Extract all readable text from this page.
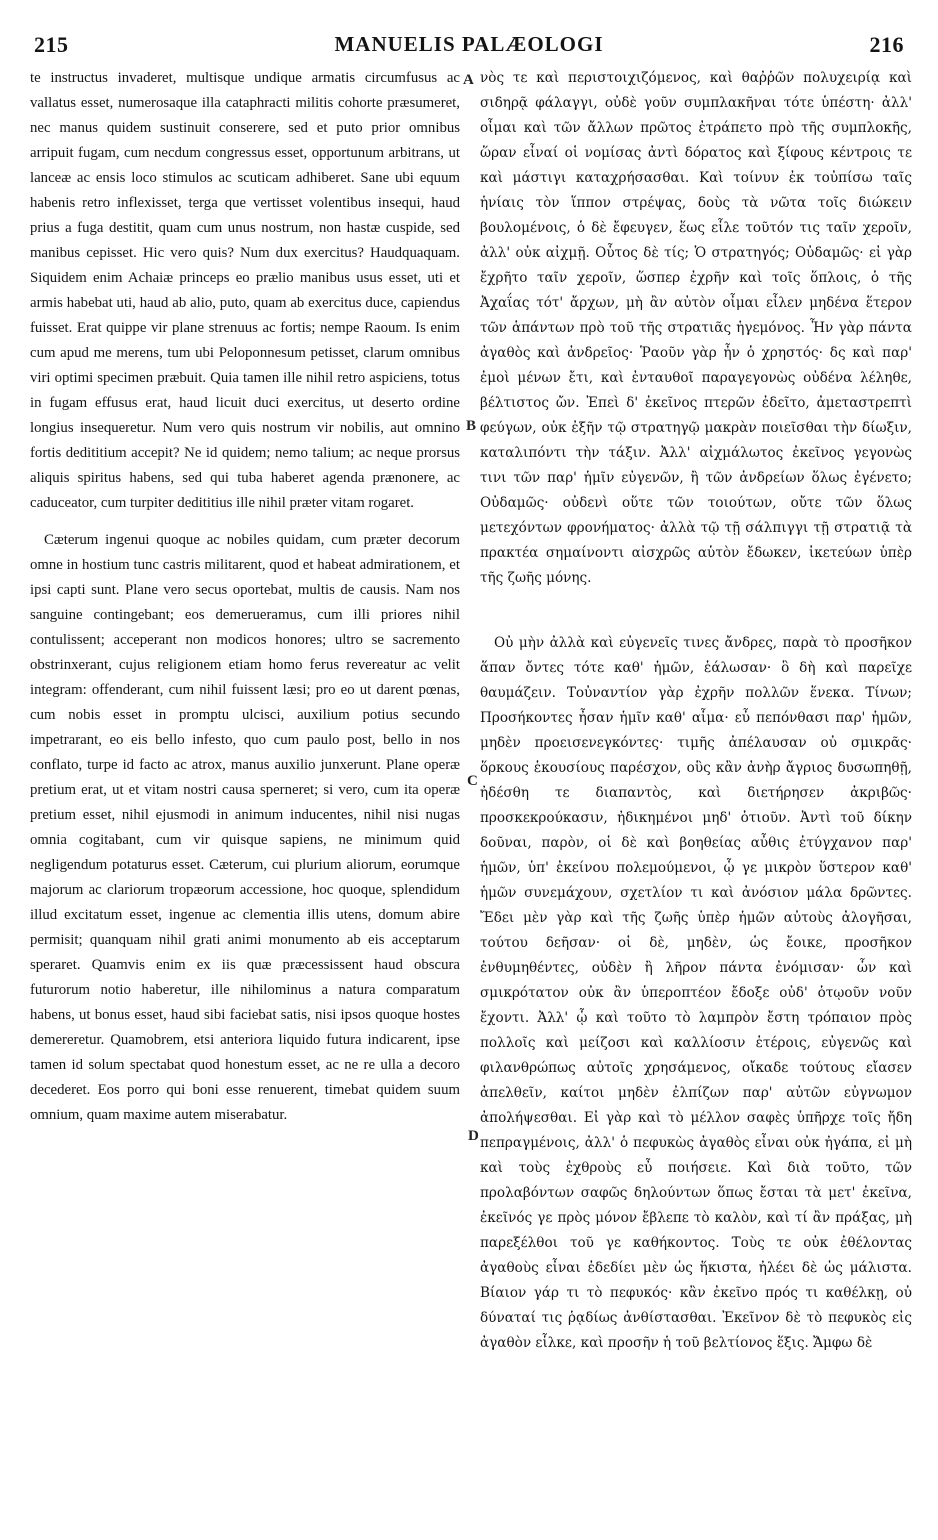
215	MANUELIS PALÆOLOGI	216

te instructus invaderet, multisque undique armatis circumfusus ac vallatus esset, numerosaque illa cataphracti militis cohorte præsumeret, nec manus quidem sustinuit conserere, sed et puto prior omnibus arripuit fugam, cum necdum congressus esset, opportunum arbitrans, ut lanceæ ac ensis loco stimulos ac scuticam adhiberet. Sane ubi equum habenis retro inflexisset, terga que vertisset volentibus insequi, haud prius a fuga destitit, quam cum unus nostrum, non hastæ cuspide, sed manibus cepisset. Hic vero quis? Num dux exercitus? Haudquaquam. Siquidem enim Achaiæ princeps eo prælio manibus usus esset, uti et armis habebat uti, haud ab alio, puto, quam ab exercitus duce, capiendus fuisset. Erat quippe vir plane strenuus ac fortis; nempe Raoum. Is enim cum apud me merens, tum ubi Peloponnesum petisset, clarum omnibus viri optimi specimen præbuit. Quia tamen ille nihil retro aspiciens, totus in fugam effusus erat, haud licuit duci exercitus, ut deserto ordine longius insequeretur. Num vero quis nostrum vir nobilis, aut omnino fortis dedititium accepit? Ne id quidem; nemo talium; ac neque prorsus aliquis spiritus habens, sed qui tuba haberet agenda prænonere, ac caduceator, cum turpiter dedititius ille nihil præter vitam rogaret.

Cæterum ingenui quoque ac nobiles quidam, cum præter decorum omne in hostium tunc castris militarent, quod et habeat admirationem, et ipsi capti sunt. Plane vero secus oportebat, multis de causis. Nam nos sanguine contingebant; eos demerueramus, cum illi priores nihil contulissent; acceperant non modicos honores; ultro se sacremento obstrinxerant, cujus religionem etiam homo ferus revereatur ac velit integram: offenderant, cum nihil fuissent læsi; pro eo ut darent pœnas, cum nobis esset in promptu ulcisci, auxilium potius secundo impetrarant, eo eis bello infesto, quo cum paulo post, bello in nos conflato, turpe id facto ac atrox, manus auxilio junxerunt. Plane operæ pretium erat, ut et vitam nostri causa sperneret; si vero, cum ita operæ pretium esset, nihil ejusmodi in animum inducentes, nihil nisi nugas omnia cogitabant, cum vir quisque sapiens, ne minimum quid negligendum potaturus esset. Cæterum, cui plurium aliorum, eorumque majorum ac clariorum tropæorum accessione, hoc quoque, splendidum illud excitatum esset, ingenue ac clementia illis utens, domum abire permisit; quanquam nihil grati animi monumento ab eis acceptarum speraret. Quamvis enim ex iis quæ præcessissent haud obscura futurorum notio haberetur, ille nihilominus a natura comparatum habens, ut bonus esset, haud sibi faciebat satis, nisi ipsos quoque hostes demereretur. Quamobrem, etsi anteriora liquido futura indicarent, ipse tamen id solum spectabat quod honestum esset, ac ne re ulla a decoro decederet. Eos porro qui boni esse renuerent, timebat quidem suum omnium, quam maxime autem miserabatur.

A
B
C
D

νὸς τε καὶ περιστοιχιζόμενος, καὶ θαῤῥῶν πολυχειρίᾳ καὶ σιδηρᾷ φάλαγγι, οὐδὲ γοῦν συμπλακῆναι τότε ὑπέστη· ἀλλ' οἶμαι καὶ τῶν ἄλλων πρῶτος ἐτράπετο πρὸ τῆς συμπλοκῆς, ὥραν εἶναί οἱ νομίσας ἀντὶ δόρατος καὶ ξίφους κέντροις τε καὶ μάστιγι καταχρήσασθαι. Καὶ τοίνυν ἐκ τοὐπίσω ταῖς ἡνίαις τὸν ἵππον στρέψας, δοὺς τὰ νῶτα τοῖς διώκειν βουλομένοις, ὁ δὲ ἔφευγεν, ἕως εἷλε τοῦτόν τις ταῖν χεροῖν, ἀλλ' οὐκ αἰχμῇ. Οὗτος δὲ τίς; Ὁ στρατηγός; Οὐδαμῶς· εἰ γὰρ ἔχρῆτο ταῖν χεροῖν, ὥσπερ ἐχρῆν καὶ τοῖς ὅπλοις, ὁ τῆς Ἀχαΐας τότ' ἄρχων, μὴ ἂν αὐτὸν οἶμαι εἷλεν μηδένα ἕτερον τῶν ἁπάντων πρὸ τοῦ τῆς στρατιᾶς ἡγεμόνος. Ἦν γὰρ πάντα ἀγαθὸς καὶ ἀνδρεῖος· Ῥαοῦν γὰρ ἦν ὁ χρηστός· δς καὶ παρ' ἐμοὶ μένων ἔτι, καὶ ἐνταυθοῖ παραγεγονὼς οὐδένα λέληθε, βέλτιστος ὤν. Ἐπεὶ δ' ἐκεῖνος πτερῶν ἐδεῖτο, ἀμεταστρεπτὶ φεύγων, οὐκ ἐξῆν τῷ στρατηγῷ μακρὰν ποιεῖσθαι τὴν δίωξιν, καταλιπόντι τὴν τάξιν. Ἀλλ' αἰχμάλωτος ἐκεῖνος γεγονὼς τινι τῶν παρ' ἡμῖν εὐγενῶν, ἢ τῶν ἀνδρείων ὅλως ἐγένετο; Οὐδαμῶς· οὐδενὶ οὕτε τῶν τοιούτων, οὔτε τῶν ὅλως μετεχόντων φρονήματος· ἀλλὰ τῷ τῇ σάλπιγγι τῇ στρατιᾷ τὰ πρακτέα σημαίνοντι αἰσχρῶς αὑτὸν ἔδωκεν, ἱκετεύων ὑπὲρ τῆς ζωῆς μόνης.

Οὐ μὴν ἀλλὰ καὶ εὐγενεῖς τινες ἄνδρες, παρὰ τὸ προσῆκον ἅπαν ὄντες τότε καθ' ἡμῶν, ἑάλωσαν· ὃ δὴ καὶ παρεῖχε θαυμάζειν. Τοὐναντίον γὰρ ἐχρῆν πολλῶν ἕνεκα. Τίνων; Προσήκοντες ἦσαν ἡμῖν καθ' αἷμα· εὖ πεπόνθασι παρ' ἡμῶν, μηδὲν προεισενεγκόντες· τιμῆς ἀπέλαυσαν οὐ σμικρᾶς· ὅρκους ἑκουσίους παρέσχον, οὓς κἂν ἀνὴρ ἄγριος δυσωπηθῇ, ἠδέσθη τε διαπαντὸς, καὶ διετήρησεν ἀκριβῶς· προσκεκρούκασιν, ἠδικημένοι μηδ' ὁτιοῦν. Ἀντὶ τοῦ δίκην δοῦναι, παρὸν, οἱ δὲ καὶ βοηθείας αὖθις ἐτύγχανον παρ' ἡμῶν, ὑπ' ἐκείνου πολεμούμενοι, ᾧ γε μικρὸν ὕστερον καθ' ἡμῶν συνεμάχουν, σχετλίον τι καὶ ἀνόσιον μάλα δρῶντες. Ἔδει μὲν γὰρ καὶ τῆς ζωῆς ὑπὲρ ἡμῶν αὐτοὺς ἀλογῆσαι, τούτου δεῆσαν· οἱ δὲ, μηδὲν, ὡς ἔοικε, προσῆκον ἐνθυμηθέντες, οὐδὲν ἢ λῆρον πάντα ἐνόμισαν· ὧν καὶ σμικρότατον οὐκ ἂν ὑπεροπτέον ἔδοξε οὐδ' ὁτῳοῦν νοῦν ἔχοντι. Ἀλλ' ᾧ καὶ τοῦτο τὸ λαμπρὸν ἔστη τρόπαιον πρὸς πολλοῖς καὶ μείζοσι καὶ καλλίοσιν ἑτέροις, εὐγενῶς καὶ φιλανθρώπως αὐτοῖς χρησάμενος, οἴκαδε τούτους εἴασεν ἀπελθεῖν, καίτοι μηδὲν ἐλπίζων παρ' αὐτῶν εὐγνωμον ἀπολήψεσθαι. Εἰ γὰρ καὶ τὸ μέλλον σαφὲς ὑπῆρχε τοῖς ἤδη πεπραγμένοις, ἀλλ' ὁ πεφυκὼς ἀγαθὸς εἶναι οὐκ ἠγάπα, εἰ μὴ καὶ τοὺς ἐχθροὺς εὖ ποιήσειε. Καὶ διὰ τοῦτο, τῶν προλαβόντων σαφῶς δηλούντων ὅπως ἔσται τὰ μετ' ἐκεῖνα, ἐκεῖνός γε πρὸς μόνον ἔβλεπε τὸ καλὸν, καὶ τί ἂν πράξας, μὴ παρεξέλθοι τοῦ γε καθήκοντος. Τοὺς τε οὐκ ἐθέλοντας ἀγαθοὺς εἶναι ἐδεδίει μὲν ὡς ἥκιστα, ἠλέει δὲ ὡς μάλιστα. Βίαιον γάρ τι τὸ πεφυκός· κἂν ἐκεῖνο πρός τι καθέλκῃ, οὐ δύναταί τις ῥᾳδίως ἀνθίστασθαι. Ἐκεῖνον δὲ τὸ πεφυκὸς εἰς ἀγαθὸν εἷλκε, καὶ προσῆν ἡ τοῦ βελτίονος ἕξις. Ἄμφω δὲ
